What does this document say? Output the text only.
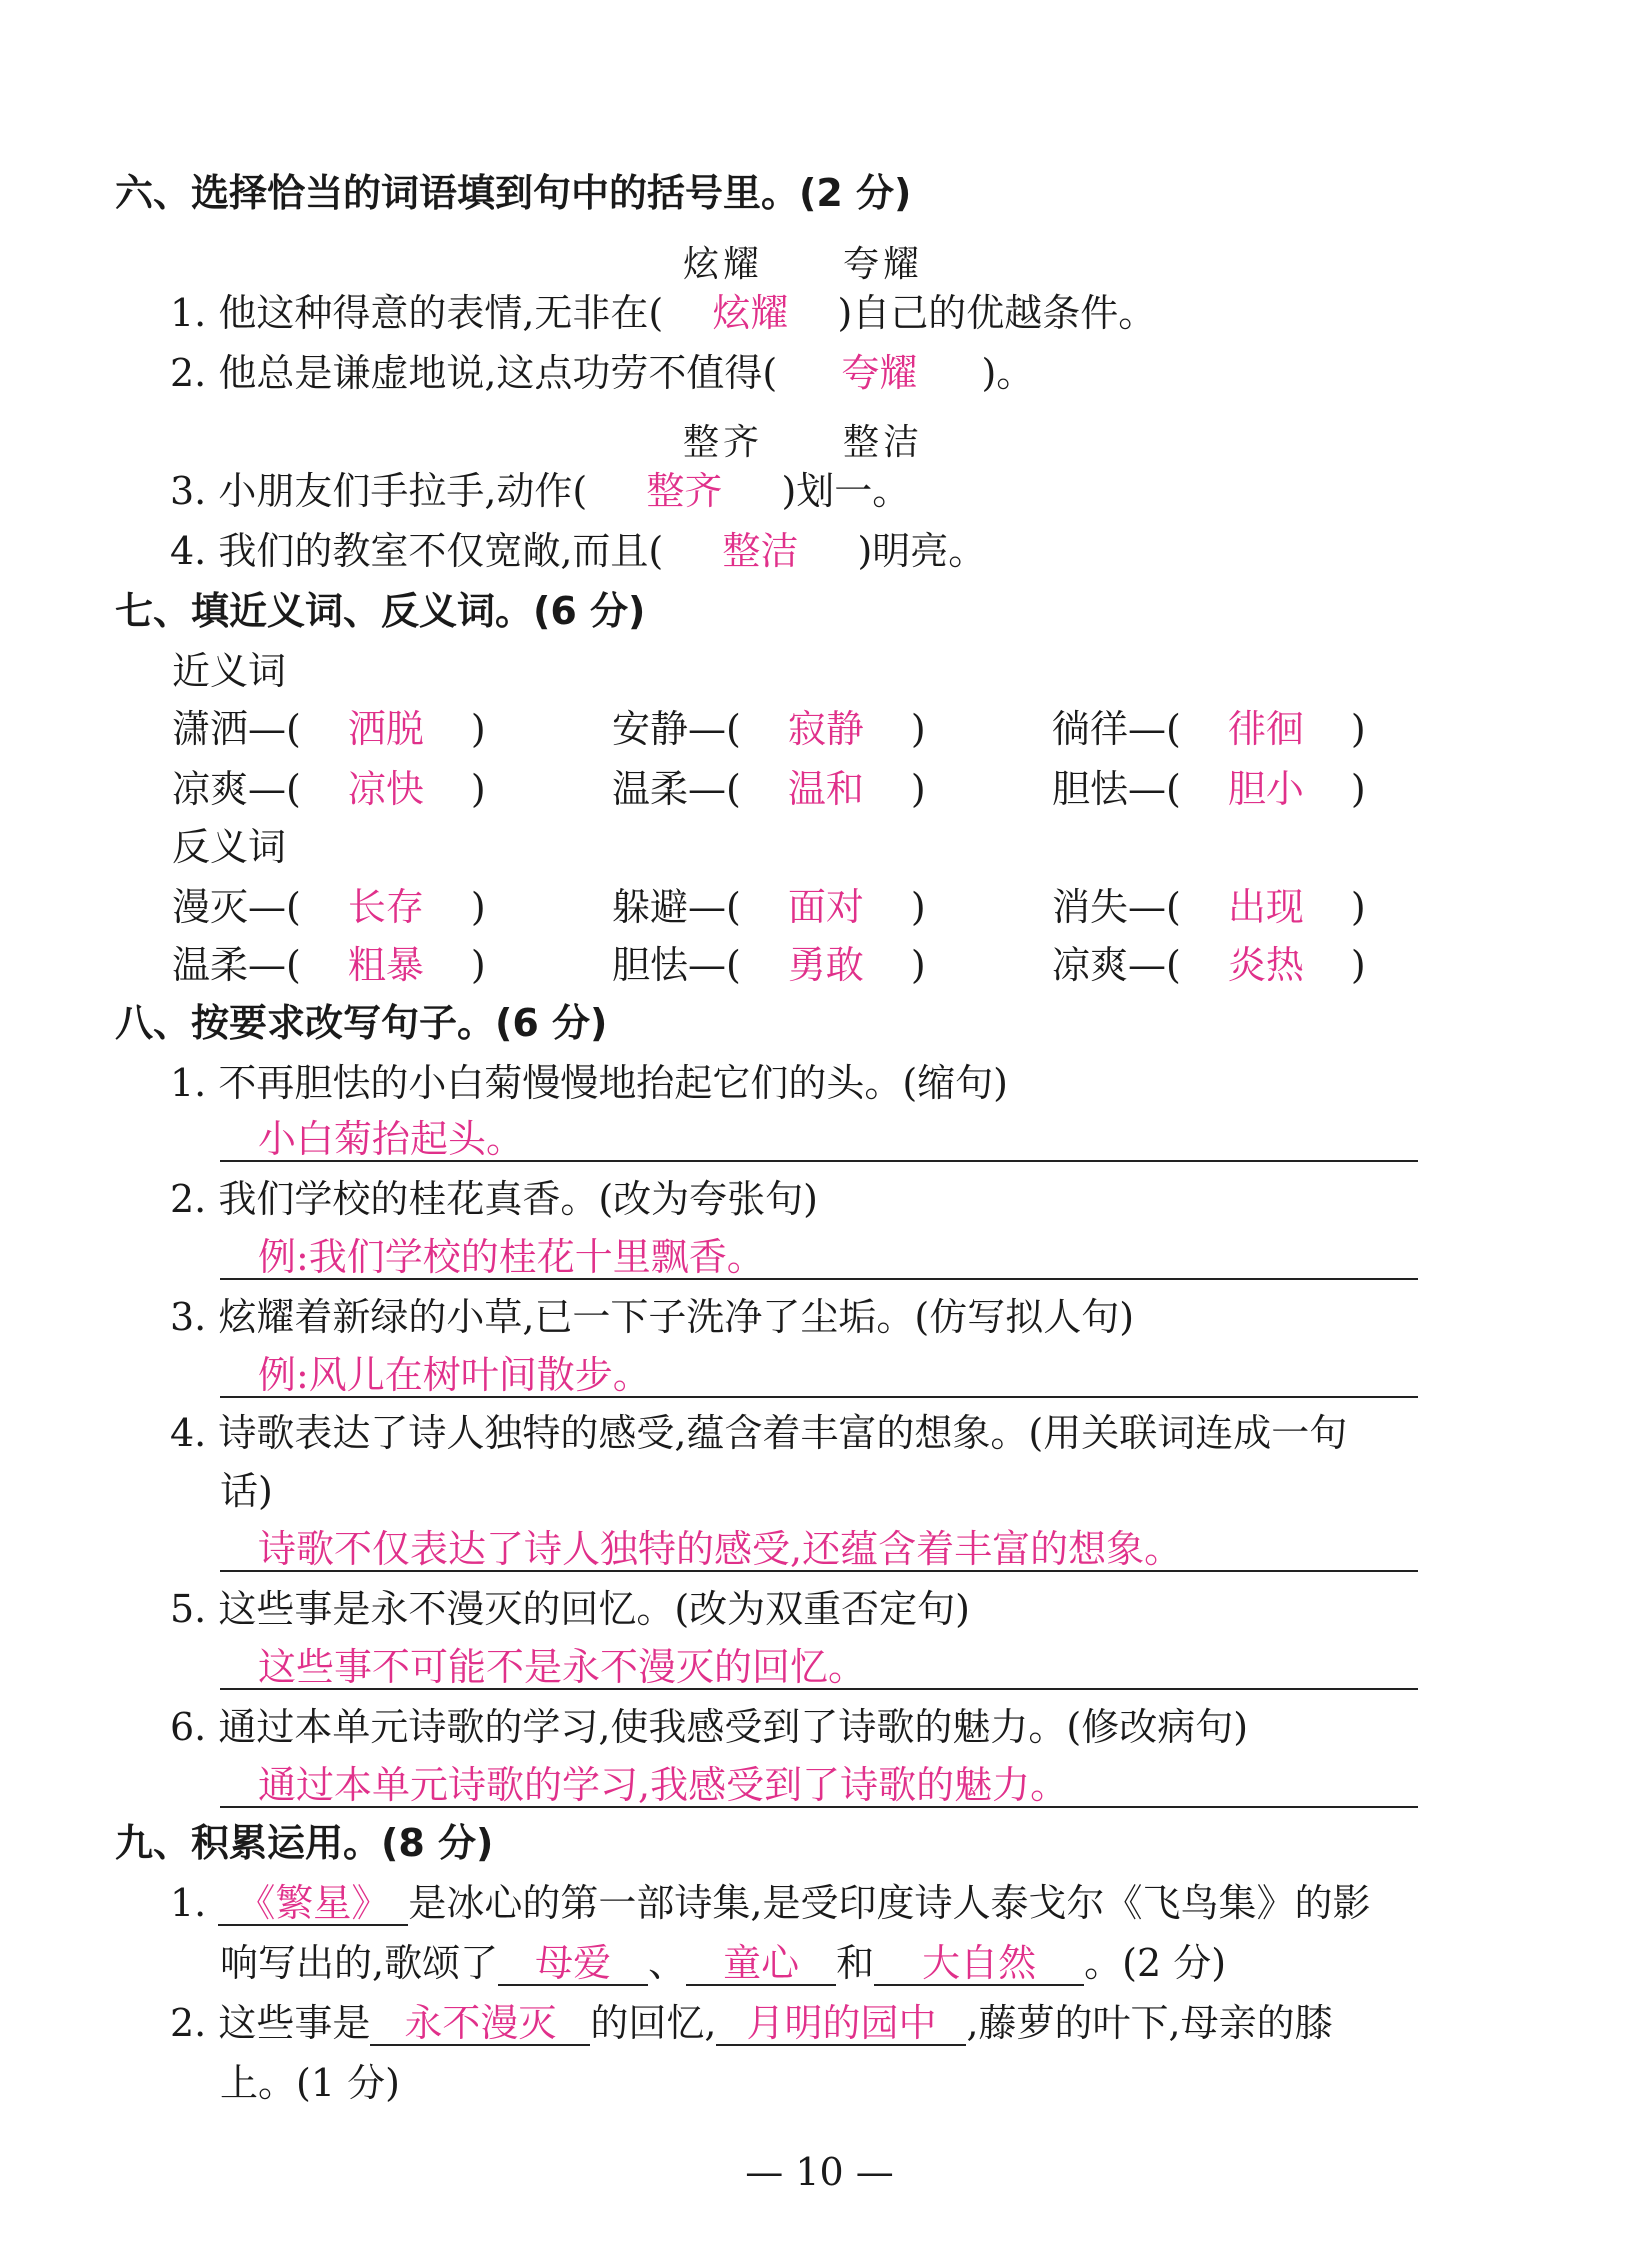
六、选择恰当的词语填到句中的括号里。(2 分)
炫耀　　夸耀
1. 他这种得意的表情,无非在( 炫耀 )自己的优越条件。
2. 他总是谦虚地说,这点功劳不值得( 夸耀 )。
整齐　　整洁
3. 小朋友们手拉手,动作( 整齐 )划一。
4. 我们的教室不仅宽敞,而且( 整洁 )明亮。
七、填近义词、反义词。(6 分)
近义词
潇洒—( 洒脱 )	安静—( 寂静 )	徜徉—( 徘徊 )
凉爽—( 凉快 )	温柔—( 温和 )	胆怯—( 胆小 )
反义词
漫灭—( 长存 )	躲避—( 面对 )	消失—( 出现 )
温柔—( 粗暴 )	胆怯—( 勇敢 )	凉爽—( 炎热 )
八、按要求改写句子。(6 分)
1. 不再胆怯的小白菊慢慢地抬起它们的头。(缩句)
小白菊抬起头。
2. 我们学校的桂花真香。(改为夸张句)
例:我们学校的桂花十里飘香。
3. 炫耀着新绿的小草,已一下子洗净了尘垢。(仿写拟人句)
例:风儿在树叶间散步。
4. 诗歌表达了诗人独特的感受,蕴含着丰富的想象。(用关联词连成一句
话)
诗歌不仅表达了诗人独特的感受,还蕴含着丰富的想象。
5. 这些事是永不漫灭的回忆。(改为双重否定句)
这些事不可能不是永不漫灭的回忆。
6. 通过本单元诗歌的学习,使我感受到了诗歌的魅力。(修改病句)
通过本单元诗歌的学习,我感受到了诗歌的魅力。
九、积累运用。(8 分)
1. 《繁星》 是冰心的第一部诗集,是受印度诗人泰戈尔《飞鸟集》的影
响写出的,歌颂了 母爱 、 童心 和 大自然 。(2 分)
2. 这些事是 永不漫灭 的回忆, 月明的园中 ,藤萝的叶下,母亲的膝
上。(1 分)
— 10 —
